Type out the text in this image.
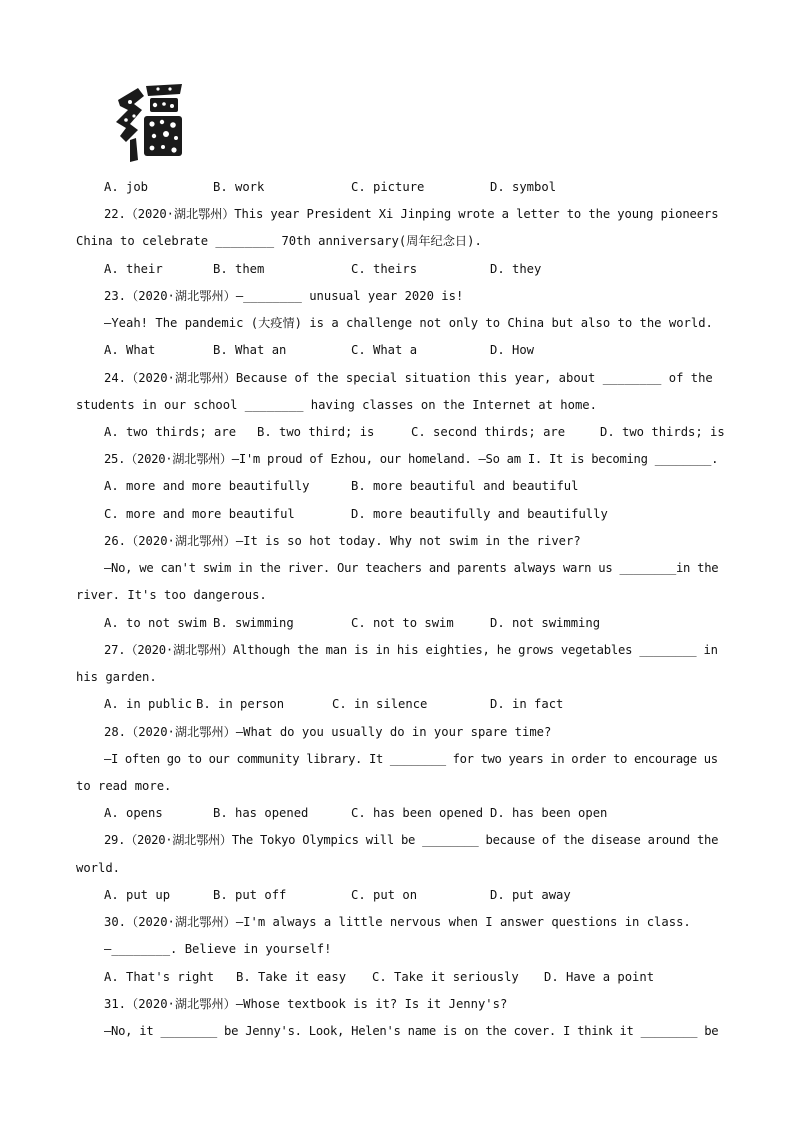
A. job	B. work	C. picture	D. symbol
22.（2020·湖北鄂州）This year President Xi Jinping wrote a letter to the young pioneers
China to celebrate ________ 70th anniversary(周年纪念日).
A. their	B. them	C. theirs	D. they
23.（2020·湖北鄂州）—________ unusual year 2020 is!
—Yeah! The pandemic (大疫情) is a challenge not only to China but also to the world.
A. What	B. What an	C. What a	D. How
24.（2020·湖北鄂州）Because of the special situation this year, about ________ of the
students in our school ________ having classes on the Internet at home.
A. two thirds; are B. two third; is	C. second thirds; are	D. two thirds; is
25.（2020·湖北鄂州）—I'm proud of Ezhou, our homeland. —So am I. It is becoming ________.
A. more and more beautifully	B. more beautiful and beautiful
C. more and more beautiful	D. more beautifully and beautifully
26.（2020·湖北鄂州）—It is so hot today. Why not swim in the river?
—No, we can't swim in the river. Our teachers and parents always warn us ________in the
river. It's too dangerous.
A. to not swim B. swimming	C. not to swim	D. not swimming
27.（2020·湖北鄂州）Although the man is in his eighties, he grows vegetables ________ in
his garden.
A. in public B. in person	C. in silence	D. in fact
28.（2020·湖北鄂州）—What do you usually do in your spare time?
—I often go to our community library. It ________ for two years in order to encourage us
to read more.
A. opens	B. has opened	C. has been opened D. has been open
29.（2020·湖北鄂州）The Tokyo Olympics will be ________ because of the disease around the
world.
A. put up	B. put off	C. put on	D. put away
30.（2020·湖北鄂州）—I'm always a little nervous when I answer questions in class.
—________. Believe in yourself!
A. That's right B. Take it easy C. Take it seriously D. Have a point
31.（2020·湖北鄂州）—Whose textbook is it? Is it Jenny's?
—No, it ________ be Jenny's. Look, Helen's name is on the cover. I think it ________ be
